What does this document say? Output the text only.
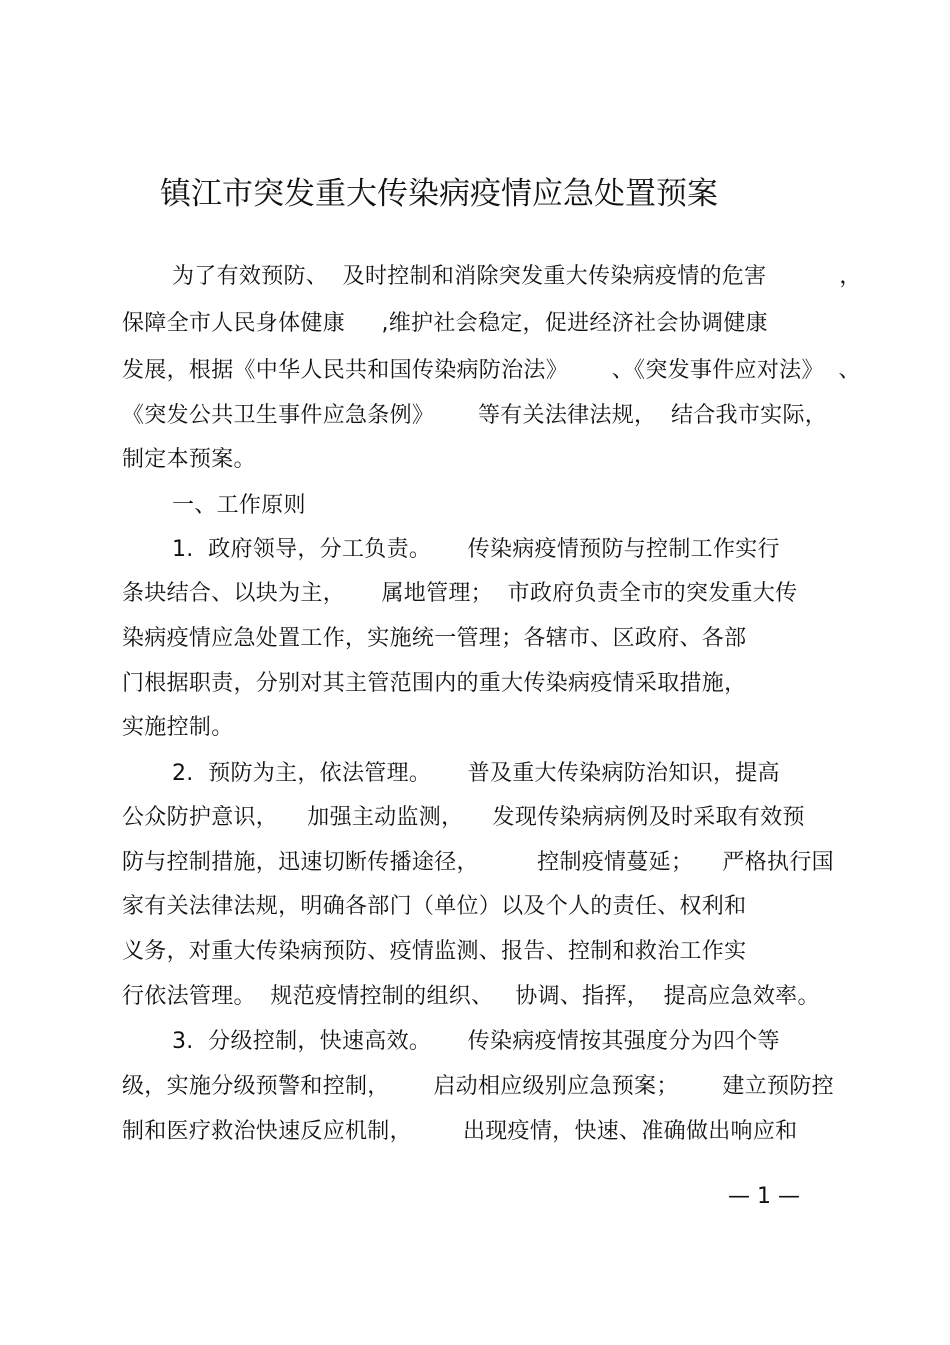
镇江市突发重大传染病疫情应急处置预案
为了有效预防、  及时控制和消除突发重大传染病疫情的危害          ，
保障全市人民身体健康     ,维护社会稳定，促进经济社会协调健康
发展，根据《中华人民共和国传染病防治法》      、《突发事件应对法》  、
《突发公共卫生事件应急条例》      等有关法律法规，  结合我市实际，
制定本预案。
一、工作原则
1.  政府领导，分工负责。     传染病疫情预防与控制工作实行
条块结合、以块为主，     属地管理；  市政府负责全市的突发重大传
染病疫情应急处置工作，实施统一管理；各辖市、区政府、各部
门根据职责，分别对其主管范围内的重大传染病疫情采取措施，
实施控制。
2.  预防为主，依法管理。     普及重大传染病防治知识，提高
公众防护意识，    加强主动监测，    发现传染病病例及时采取有效预
防与控制措施，迅速切断传播途径，        控制疫情蔓延；    严格执行国
家有关法律法规，明确各部门（单位）以及个人的责任、权利和
义务，对重大传染病预防、疫情监测、报告、控制和救治工作实
行依法管理。  规范疫情控制的组织、   协调、指挥，  提高应急效率。
3.  分级控制，快速高效。     传染病疫情按其强度分为四个等
级，实施分级预警和控制，      启动相应级别应急预案；      建立预防控
制和医疗救治快速反应机制，       出现疫情，快速、准确做出响应和
— 1 —
